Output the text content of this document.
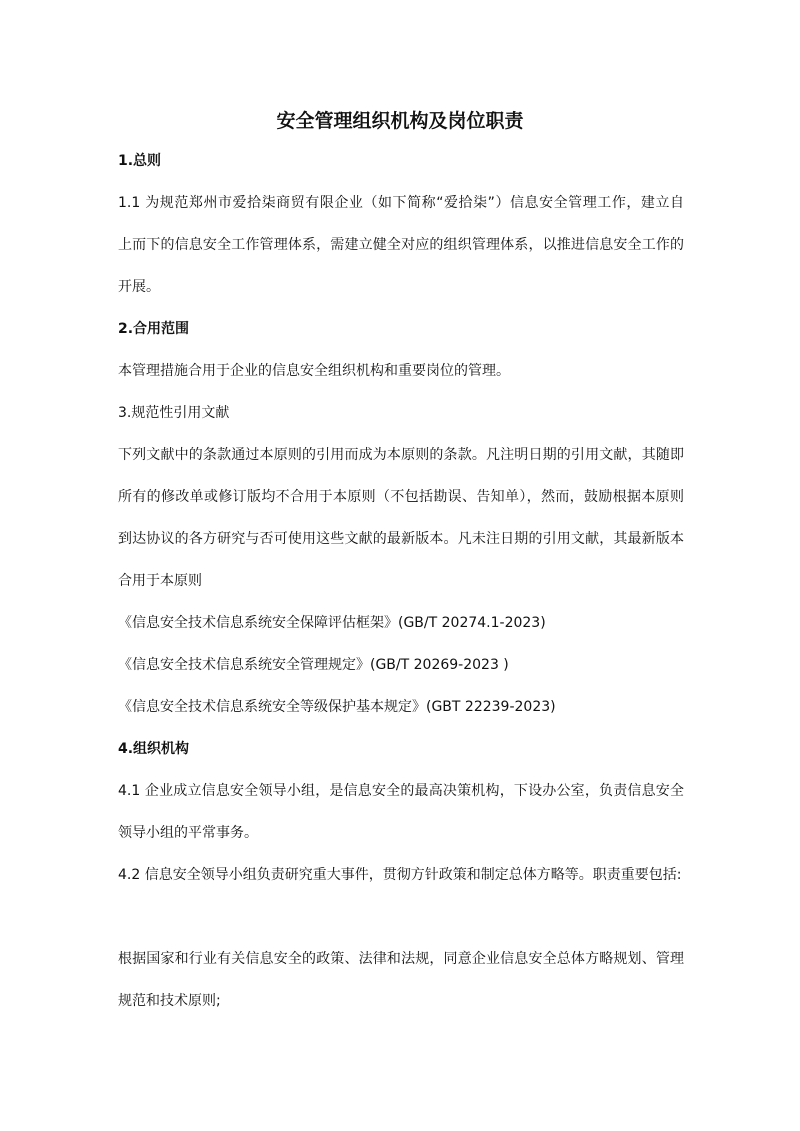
安全管理组织机构及岗位职责
1.总则
1.1 为规范郑州市爱拾柒商贸有限企业（如下简称“爱拾柒”）信息安全管理工作，建立自
上而下的信息安全工作管理体系，需建立健全对应的组织管理体系，以推进信息安全工作的
开展。
2.合用范围
本管理措施合用于企业的信息安全组织机构和重要岗位的管理。
3.规范性引用文献
下列文献中的条款通过本原则的引用而成为本原则的条款。凡注明日期的引用文献，其随即
所有的修改单或修订版均不合用于本原则（不包括勘误、告知单），然而，鼓励根据本原则
到达协议的各方研究与否可使用这些文献的最新版本。凡未注日期的引用文献，其最新版本
合用于本原则
《信息安全技术信息系统安全保障评估框架》(GB/T 20274.1-2023)
《信息安全技术信息系统安全管理规定》(GB/T 20269-2023 )
《信息安全技术信息系统安全等级保护基本规定》(GBT 22239-2023)
4.组织机构
4.1 企业成立信息安全领导小组，是信息安全的最高决策机构，下设办公室，负责信息安全
领导小组的平常事务。
4.2 信息安全领导小组负责研究重大事件，贯彻方针政策和制定总体方略等。职责重要包括:
根据国家和行业有关信息安全的政策、法律和法规，同意企业信息安全总体方略规划、管理
规范和技术原则;
